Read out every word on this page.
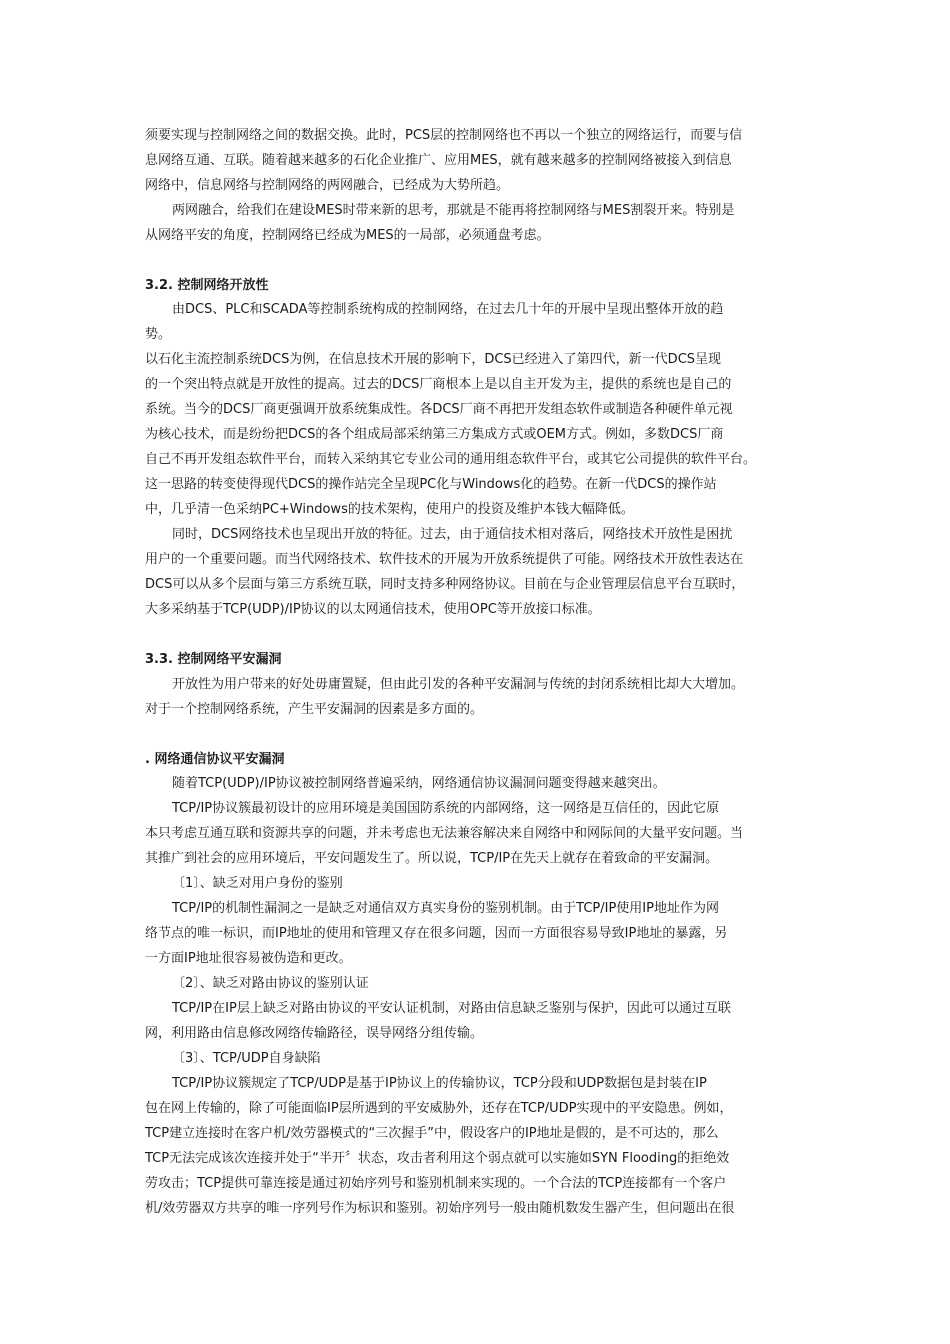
须要实现与控制网络之间的数据交换。此时，PCS层的控制网络也不再以一个独立的网络运行，而要与信
息网络互通、互联。随着越来越多的石化企业推广、应用MES，就有越来越多的控制网络被接入到信息
网络中，信息网络与控制网络的两网融合，已经成为大势所趋。
两网融合，给我们在建设MES时带来新的思考，那就是不能再将控制网络与MES割裂开来。特别是
从网络平安的角度，控制网络已经成为MES的一局部，必须通盘考虑。
3.2. 控制网络开放性
由DCS、PLC和SCADA等控制系统构成的控制网络，在过去几十年的开展中呈现出整体开放的趋
势。
以石化主流控制系统DCS为例，在信息技术开展的影响下，DCS已经进入了第四代，新一代DCS呈现
的一个突出特点就是开放性的提高。过去的DCS厂商根本上是以自主开发为主，提供的系统也是自己的
系统。当今的DCS厂商更强调开放系统集成性。各DCS厂商不再把开发组态软件或制造各种硬件单元视
为核心技术，而是纷纷把DCS的各个组成局部采纳第三方集成方式或OEM方式。例如，多数DCS厂商
自己不再开发组态软件平台，而转入采纳其它专业公司的通用组态软件平台，或其它公司提供的软件平台。
这一思路的转变使得现代DCS的操作站完全呈现PC化与Windows化的趋势。在新一代DCS的操作站
中，几乎清一色采纳PC+Windows的技术架构，使用户的投资及维护本钱大幅降低。
同时，DCS网络技术也呈现出开放的特征。过去，由于通信技术相对落后，网络技术开放性是困扰
用户的一个重要问题。而当代网络技术、软件技术的开展为开放系统提供了可能。网络技术开放性表达在
DCS可以从多个层面与第三方系统互联，同时支持多种网络协议。目前在与企业管理层信息平台互联时，
大多采纳基于TCP(UDP)/IP协议的以太网通信技术，使用OPC等开放接口标准。
3.3. 控制网络平安漏洞
开放性为用户带来的好处毋庸置疑，但由此引发的各种平安漏洞与传统的封闭系统相比却大大增加。
对于一个控制网络系统，产生平安漏洞的因素是多方面的。
. 网络通信协议平安漏洞
随着TCP(UDP)/IP协议被控制网络普遍采纳，网络通信协议漏洞问题变得越来越突出。
TCP/IP协议簇最初设计的应用环境是美国国防系统的内部网络，这一网络是互信任的，因此它原
本只考虑互通互联和资源共享的问题，并未考虑也无法兼容解决来自网络中和网际间的大量平安问题。当
其推广到社会的应用环境后，平安问题发生了。所以说，TCP/IP在先天上就存在着致命的平安漏洞。
〔1〕、缺乏对用户身份的鉴别
TCP/IP的机制性漏洞之一是缺乏对通信双方真实身份的鉴别机制。由于TCP/IP使用IP地址作为网
络节点的唯一标识，而IP地址的使用和管理又存在很多问题，因而一方面很容易导致IP地址的暴露，另
一方面IP地址很容易被伪造和更改。
〔2〕、缺乏对路由协议的鉴别认证
TCP/IP在IP层上缺乏对路由协议的平安认证机制，对路由信息缺乏鉴别与保护，因此可以通过互联
网，利用路由信息修改网络传输路径，误导网络分组传输。
〔3〕、TCP/UDP自身缺陷
TCP/IP协议簇规定了TCP/UDP是基于IP协议上的传输协议，TCP分段和UDP数据包是封装在IP
包在网上传输的，除了可能面临IP层所遇到的平安威胁外，还存在TCP/UDP实现中的平安隐患。例如，
TCP建立连接时在客户机/效劳器模式的“三次握手”中，假设客户的IP地址是假的，是不可达的，那么
TCP无法完成该次连接并处于“半开〞状态，攻击者利用这个弱点就可以实施如SYN Flooding的拒绝效
劳攻击；TCP提供可靠连接是通过初始序列号和鉴别机制来实现的。一个合法的TCP连接都有一个客户
机/效劳器双方共享的唯一序列号作为标识和鉴别。初始序列号一般由随机数发生器产生，但问题出在很
